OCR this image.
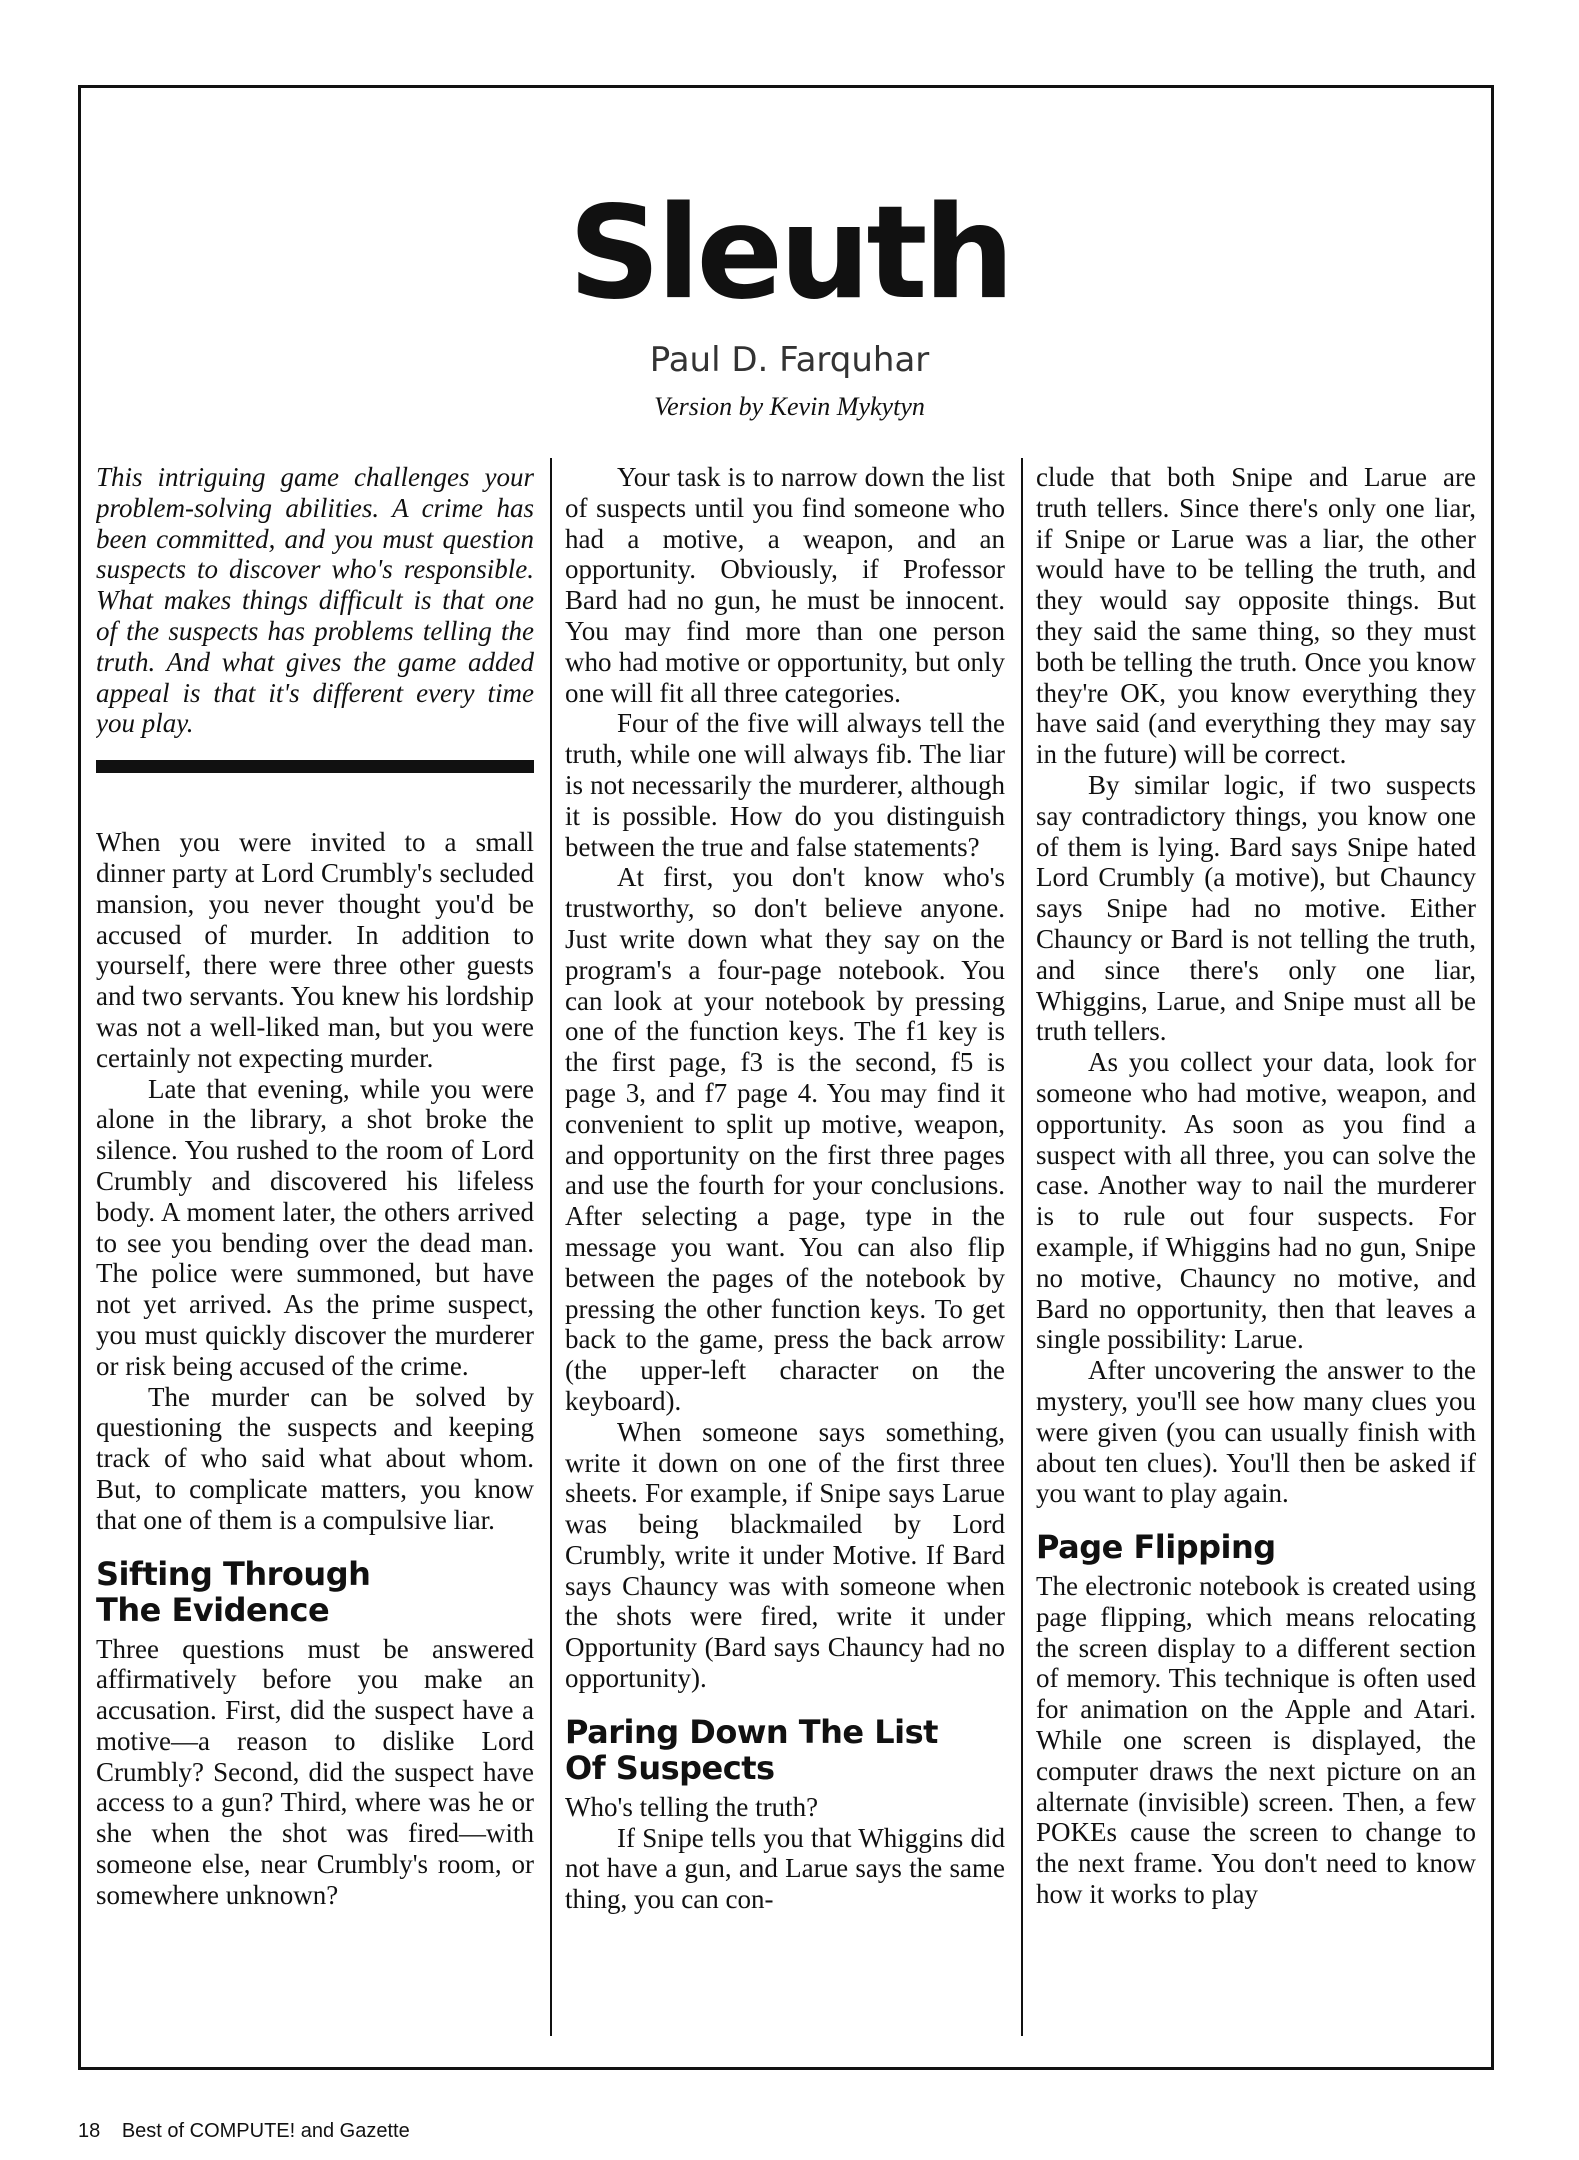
Sleuth
Paul D. Farquhar
Version by Kevin Mykytyn

This intriguing game challenges your problem-solving abilities. A crime has been committed, and you must question suspects to discover who's responsible. What makes things difficult is that one of the suspects has problems telling the truth. And what gives the game added appeal is that it's different every time you play.

When you were invited to a small dinner party at Lord Crumbly's secluded mansion, you never thought you'd be accused of murder. In addition to yourself, there were three other guests and two servants. You knew his lordship was not a well-liked man, but you were certainly not expecting murder.

Late that evening, while you were alone in the library, a shot broke the silence. You rushed to the room of Lord Crumbly and discovered his lifeless body. A moment later, the others arrived to see you bending over the dead man. The police were summoned, but have not yet arrived. As the prime suspect, you must quickly discover the murderer or risk being accused of the crime.

The murder can be solved by questioning the suspects and keeping track of who said what about whom. But, to complicate matters, you know that one of them is a compulsive liar.

Sifting Through
The Evidence

Three questions must be answered affirmatively before you make an accusation. First, did the suspect have a motive—a reason to dislike Lord Crumbly? Second, did the suspect have access to a gun? Third, where was he or she when the shot was fired—with someone else, near Crumbly's room, or somewhere unknown?

Your task is to narrow down the list of suspects until you find someone who had a motive, a weapon, and an opportunity. Obviously, if Professor Bard had no gun, he must be innocent. You may find more than one person who had motive or opportunity, but only one will fit all three categories.

Four of the five will always tell the truth, while one will always fib. The liar is not necessarily the murderer, although it is possible. How do you distinguish between the true and false statements?

At first, you don't know who's trustworthy, so don't believe anyone. Just write down what they say on the program's a four-page notebook. You can look at your notebook by pressing one of the function keys. The f1 key is the first page, f3 is the second, f5 is page 3, and f7 page 4. You may find it convenient to split up motive, weapon, and opportunity on the first three pages and use the fourth for your conclusions. After selecting a page, type in the message you want. You can also flip between the pages of the notebook by pressing the other function keys. To get back to the game, press the back arrow (the upper-left character on the keyboard).

When someone says something, write it down on one of the first three sheets. For example, if Snipe says Larue was being blackmailed by Lord Crumbly, write it under Motive. If Bard says Chauncy was with someone when the shots were fired, write it under Opportunity (Bard says Chauncy had no opportunity).

Paring Down The List
Of Suspects

Who's telling the truth?

If Snipe tells you that Whiggins did not have a gun, and Larue says the same thing, you can con-

clude that both Snipe and Larue are truth tellers. Since there's only one liar, if Snipe or Larue was a liar, the other would have to be telling the truth, and they would say opposite things. But they said the same thing, so they must both be telling the truth. Once you know they're OK, you know everything they have said (and everything they may say in the future) will be correct.

By similar logic, if two suspects say contradictory things, you know one of them is lying. Bard says Snipe hated Lord Crumbly (a motive), but Chauncy says Snipe had no motive. Either Chauncy or Bard is not telling the truth, and since there's only one liar, Whiggins, Larue, and Snipe must all be truth tellers.

As you collect your data, look for someone who had motive, weapon, and opportunity. As soon as you find a suspect with all three, you can solve the case. Another way to nail the murderer is to rule out four suspects. For example, if Whiggins had no gun, Snipe no motive, Chauncy no motive, and Bard no opportunity, then that leaves a single possibility: Larue.

After uncovering the answer to the mystery, you'll see how many clues you were given (you can usually finish with about ten clues). You'll then be asked if you want to play again.

Page Flipping

The electronic notebook is created using page flipping, which means relocating the screen display to a different section of memory. This technique is often used for animation on the Apple and Atari. While one screen is displayed, the computer draws the next picture on an alternate (invisible) screen. Then, a few POKEs cause the screen to change to the next frame. You don't need to know how it works to play

18 Best of COMPUTE! and Gazette
